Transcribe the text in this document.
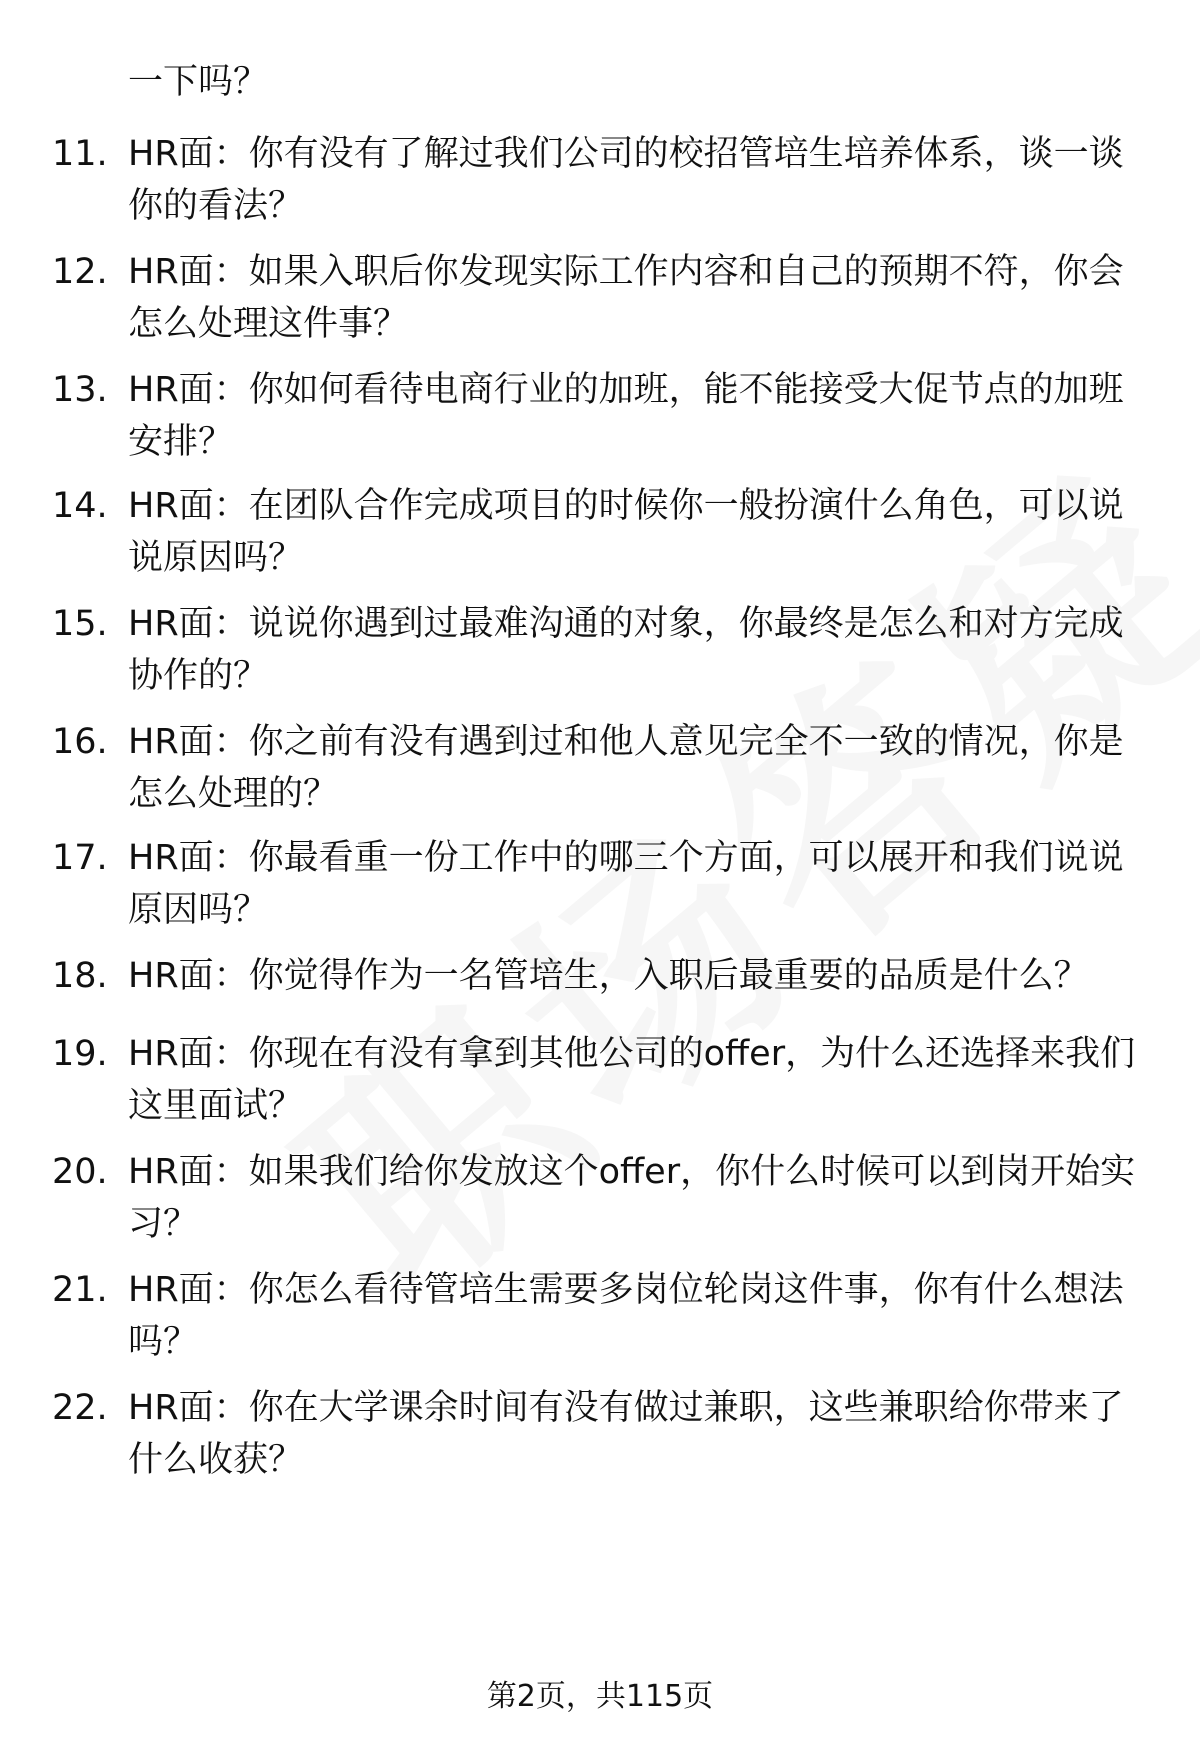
一下吗？
11. HR面：你有没有了解过我们公司的校招管培生培养体系，谈一谈你的看法？
12. HR面：如果入职后你发现实际工作内容和自己的预期不符，你会怎么处理这件事？
13. HR面：你如何看待电商行业的加班，能不能接受大促节点的加班安排？
14. HR面：在团队合作完成项目的时候你一般扮演什么角色，可以说说原因吗？
15. HR面：说说你遇到过最难沟通的对象，你最终是怎么和对方完成协作的？
16. HR面：你之前有没有遇到过和他人意见完全不一致的情况，你是怎么处理的？
17. HR面：你最看重一份工作中的哪三个方面，可以展开和我们说说原因吗？
18. HR面：你觉得作为一名管培生，入职后最重要的品质是什么？
19. HR面：你现在有没有拿到其他公司的offer，为什么还选择来我们这里面试？
20. HR面：如果我们给你发放这个offer，你什么时候可以到岗开始实习？
21. HR面：你怎么看待管培生需要多岗位轮岗这件事，你有什么想法吗？
22. HR面：你在大学课余时间有没有做过兼职，这些兼职给你带来了什么收获？
第2页，共115页
